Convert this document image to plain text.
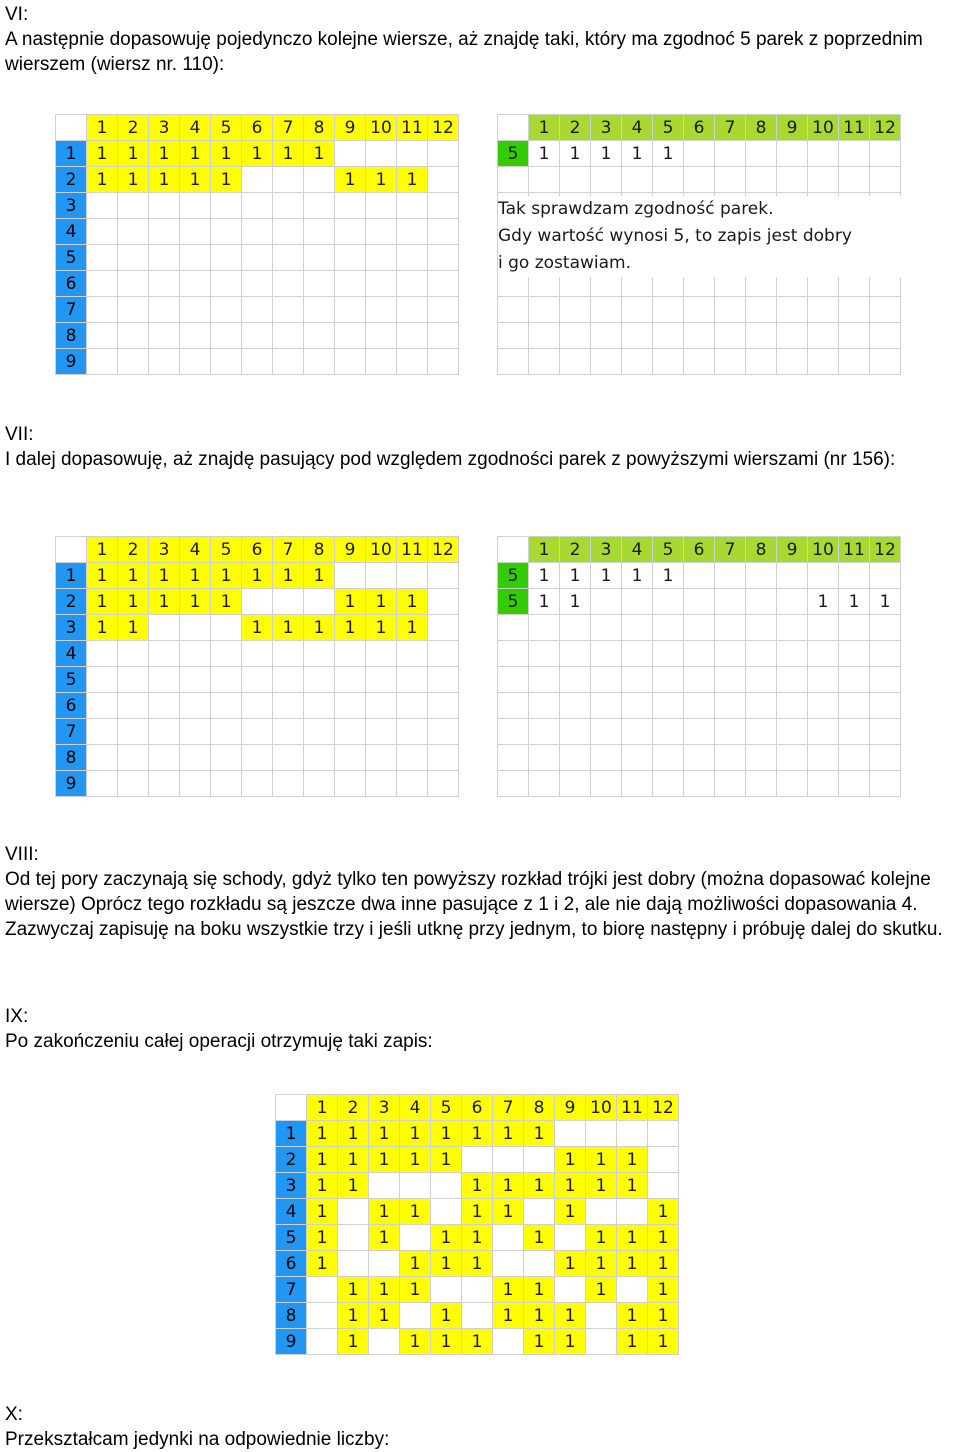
VI:

A następnie dopasowuję pojedynczo kolejne wiersze, aż znajdę taki, który ma zgodnoć 5 parek z poprzednim wierszem (wiersz nr. 110):

	1	2	3	4	5	6	7	8	9	10	11	12
1	1	1	1	1	1	1	1	1				
2	1	1	1	1	1				1	1	1	
3												
4												
5												
6												
7												
8												
9												
	1	2	3	4	5	6	7	8	9	10	11	12
5	1	1	1	1	1							

Tak sprawdzam zgodność parek.
Gdy wartość wynosi 5, to zapis jest dobry
i go zostawiam.

VII:

I dalej dopasowuję, aż znajdę pasujący pod względem zgodności parek z powyższymi wierszami (nr 156):

	1	2	3	4	5	6	7	8	9	10	11	12
1	1	1	1	1	1	1	1	1				
2	1	1	1	1	1				1	1	1	
3	1	1				1	1	1	1	1	1	
4												
5												
6												
7												
8												
9												
	1	2	3	4	5	6	7	8	9	10	11	12
5	1	1	1	1	1							
5	1	1								1	1	1

VIII:

Od tej pory zaczynają się schody, gdyż tylko ten powyższy rozkład trójki jest dobry (można dopasować kolejne wiersze) Oprócz tego rozkładu są jeszcze dwa inne pasujące z 1 i 2, ale nie dają możliwości dopasowania 4. Zazwyczaj zapisuję na boku wszystkie trzy i jeśli utknę przy jednym, to biorę następny i próbuję dalej do skutku.

IX:

Po zakończeniu całej operacji otrzymuję taki zapis:

	1	2	3	4	5	6	7	8	9	10	11	12
1	1	1	1	1	1	1	1	1				
2	1	1	1	1	1				1	1	1	
3	1	1				1	1	1	1	1	1	
4	1		1	1		1	1		1			1
5	1		1		1	1		1		1	1	1
6	1			1	1	1			1	1	1	1
7		1	1	1			1	1		1		1
8		1	1		1		1	1	1		1	1
9		1		1	1	1		1	1		1	1

X:

Przekształcam jedynki na odpowiednie liczby:
